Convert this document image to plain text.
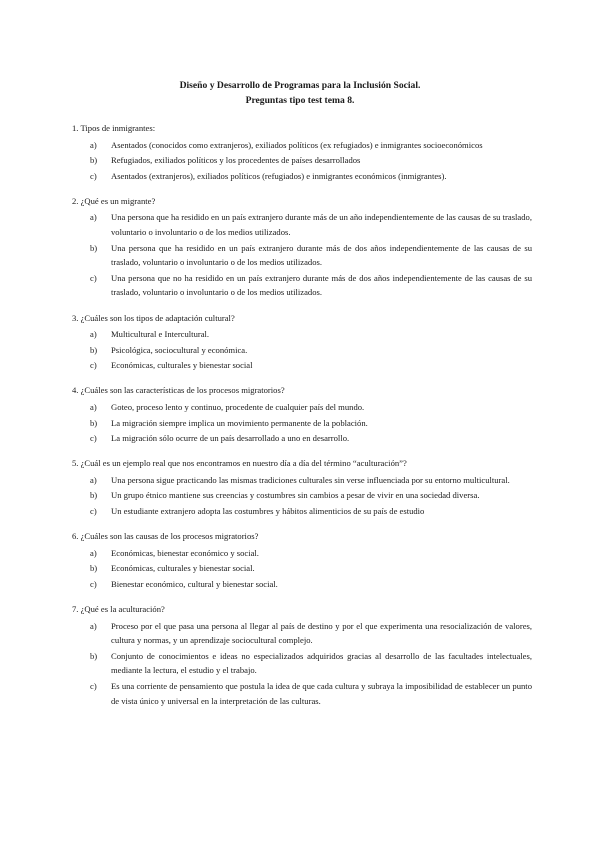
Diseño y Desarrollo de Programas para la Inclusión Social.
Preguntas tipo test tema 8.
1. Tipos de inmigrantes:
a) Asentados (conocidos como extranjeros), exiliados políticos (ex refugiados) e inmigrantes socioeconómicos
b) Refugiados, exiliados políticos y los procedentes de países desarrollados
c) Asentados (extranjeros), exiliados políticos (refugiados) e inmigrantes económicos (inmigrantes).
2. ¿Qué es un migrante?
a) Una persona que ha residido en un país extranjero durante más de un año independientemente de las causas de su traslado, voluntario o involuntario o de los medios utilizados.
b) Una persona que ha residido en un país extranjero durante más de dos años independientemente de las causas de su traslado, voluntario o involuntario o de los medios utilizados.
c) Una persona que no ha residido en un país extranjero durante más de dos años independientemente de las causas de su traslado, voluntario o involuntario o de los medios utilizados.
3. ¿Cuáles son los tipos de adaptación cultural?
a) Multicultural e Intercultural.
b) Psicológica, sociocultural y económica.
c) Económicas, culturales y bienestar social
4. ¿Cuáles son las características de los procesos migratorios?
a) Goteo, proceso lento y continuo, procedente de cualquier país del mundo.
b) La migración siempre implica un movimiento permanente de la población.
c) La migración sólo ocurre de un país desarrollado a uno en desarrollo.
5. ¿Cuál es un ejemplo real que nos encontramos en nuestro día a día del término “aculturación”?
a) Una persona sigue practicando las mismas tradiciones culturales sin verse influenciada por su entorno multicultural.
b) Un grupo étnico mantiene sus creencias y costumbres sin cambios a pesar de vivir en una sociedad diversa.
c) Un estudiante extranjero adopta las costumbres y hábitos alimenticios de su país de estudio
6. ¿Cuáles son las causas de los procesos migratorios?
a) Económicas, bienestar económico y social.
b) Económicas, culturales y bienestar social.
c) Bienestar económico, cultural y bienestar social.
7. ¿Qué es la aculturación?
a) Proceso por el que pasa una persona al llegar al país de destino y por el que experimenta una resocialización de valores, cultura y normas, y un aprendizaje sociocultural complejo.
b) Conjunto de conocimientos e ideas no especializados adquiridos gracias al desarrollo de las facultades intelectuales, mediante la lectura, el estudio y el trabajo.
c) Es una corriente de pensamiento que postula la idea de que cada cultura y subraya la imposibilidad de establecer un punto de vista único y universal en la interpretación de las culturas.
